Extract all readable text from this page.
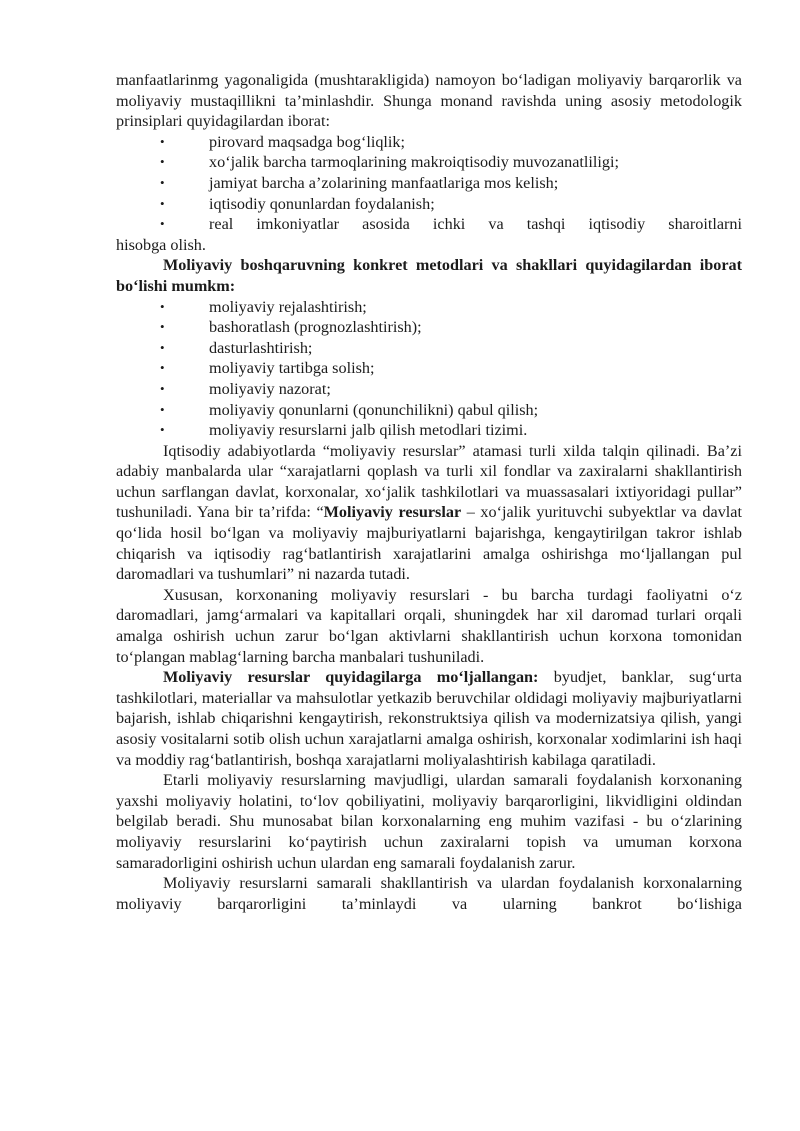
manfaatlarinmg yagonaligida (mushtarakligida) namoyon bo‘ladigan moliyaviy barqarorlik va moliyaviy mustaqillikni ta’minlashdir. Shunga monand ravishda uning asosiy metodologik prinsiplari quyidagilardan iborat:

•	pirovard maqsadga bog‘liqlik;
•	xo‘jalik barcha tarmoqlarining makroiqtisodiy muvozanatliligi;
•	jamiyat barcha a’zolarining manfaatlariga mos kelish;
•	iqtisodiy qonunlardan foydalanish;
•	real imkoniyatlar asosida ichki va tashqi iqtisodiy sharoitlarni

hisobga olish.

Moliyaviy boshqaruvning konkret metodlari va shakllari quyidagilardan iborat bo‘lishi mumkm:

•	moliyaviy rejalashtirish;
•	bashoratlash (prognozlashtirish);
•	dasturlashtirish;
•	moliyaviy tartibga solish;
•	moliyaviy nazorat;
•	moliyaviy qonunlarni (qonunchilikni) qabul qilish;
•	moliyaviy resurslarni jalb qilish metodlari tizimi.

Iqtisodiy adabiyotlarda “moliyaviy resurslar” atamasi turli xilda talqin qilinadi. Ba’zi adabiy manbalarda ular “xarajatlarni qoplash va turli xil fondlar va zaxiralarni shakllantirish uchun sarflangan davlat, korxonalar, xo‘jalik tashkilotlari va muassasalari ixtiyoridagi pullar” tushuniladi. Yana bir ta’rifda: “Moliyaviy resurslar – xo‘jalik yurituvchi subyektlar va davlat qo‘lida hosil bo‘lgan va moliyaviy majburiyatlarni bajarishga, kengaytirilgan takror ishlab chiqarish va iqtisodiy rag‘batlantirish xarajatlarini amalga oshirishga mo‘ljallangan pul daromadlari va tushumlari” ni nazarda tutadi.

Xususan, korxonaning moliyaviy resurslari - bu barcha turdagi faoliyatni o‘z daromadlari, jamg‘armalari va kapitallari orqali, shuningdek har xil daromad turlari orqali amalga oshirish uchun zarur bo‘lgan aktivlarni shakllantirish uchun korxona tomonidan to‘plangan mablag‘larning barcha manbalari tushuniladi.

Moliyaviy resurslar quyidagilarga mo‘ljallangan: byudjet, banklar, sug‘urta tashkilotlari, materiallar va mahsulotlar yetkazib beruvchilar oldidagi moliyaviy majburiyatlarni bajarish, ishlab chiqarishni kengaytirish, rekonstruktsiya qilish va modernizatsiya qilish, yangi asosiy vositalarni sotib olish uchun xarajatlarni amalga oshirish, korxonalar xodimlarini ish haqi va moddiy rag‘batlantirish, boshqa xarajatlarni moliyalashtirish kabilaga qaratiladi.

Etarli moliyaviy resurslarning mavjudligi, ulardan samarali foydalanish korxonaning yaxshi moliyaviy holatini, to‘lov qobiliyatini, moliyaviy barqarorligini, likvidligini oldindan belgilab beradi. Shu munosabat bilan korxonalarning eng muhim vazifasi - bu o‘zlarining moliyaviy resurslarini ko‘paytirish uchun zaxiralarni topish va umuman korxona samaradorligini oshirish uchun ulardan eng samarali foydalanish zarur.

Moliyaviy resurslarni samarali shakllantirish va ulardan foydalanish korxonalarning moliyaviy barqarorligini ta’minlaydi va ularning bankrot bo‘lishiga
